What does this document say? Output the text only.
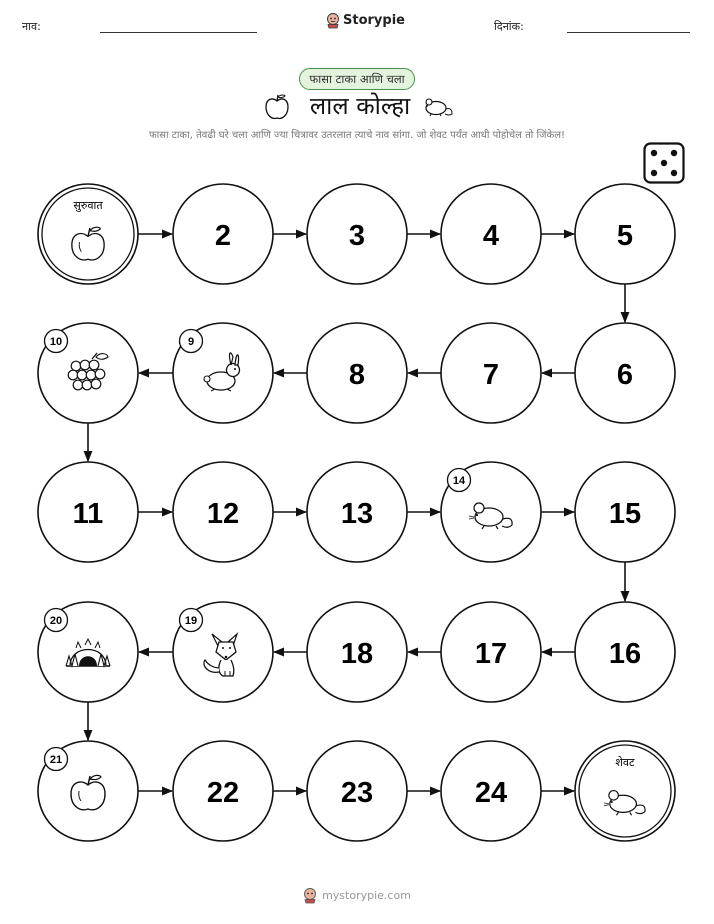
नाव:	Storypie	दिनांक:
फासा टाका आणि चला
लाल कोल्हा
फासा टाका, तेवढी घरे चला आणि ज्या चित्रावर उतरलात त्याचे नाव सांगा. जो शेवट पर्यंत आधी पोहोचेल तो जिंकेल!
सुरुवात
2	3	4	5
10	9
8	7	6
11	12	13
14
15
20	19
18	17	16
21
22	23	24
शेवट
mystorypie.com
